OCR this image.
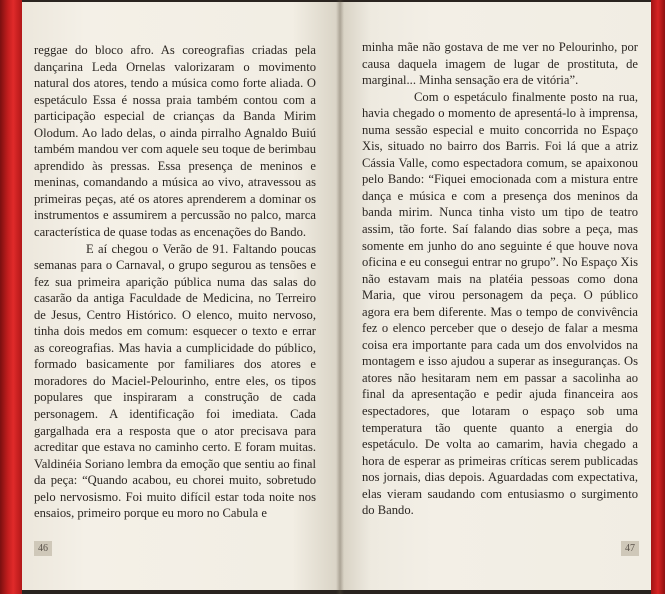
reggae do bloco afro. As coreografias criadas pela dançarina Leda Ornelas valorizaram o movimento natural dos atores, tendo a música como forte aliada. O espetáculo Essa é nossa praia também contou com a participação especial de crianças da Banda Mirim Olodum. Ao lado delas, o ainda pirralho Agnaldo Buiú também mandou ver com aquele seu toque de berimbau aprendido às pressas. Essa presença de meninos e meninas, comandando a música ao vivo, atravessou as primeiras peças, até os atores aprenderem a dominar os instrumentos e assumirem a percussão no palco, marca característica de quase todas as encenações do Bando.

E aí chegou o Verão de 91. Faltando poucas semanas para o Carnaval, o grupo segurou as tensões e fez sua primeira aparição pública numa das salas do casarão da antiga Faculdade de Medicina, no Terreiro de Jesus, Centro Histórico. O elenco, muito nervoso, tinha dois medos em comum: esquecer o texto e errar as coreografias. Mas havia a cumplicidade do público, formado basicamente por familiares dos atores e moradores do Maciel-Pelourinho, entre eles, os tipos populares que inspiraram a construção de cada personagem. A identificação foi imediata. Cada gargalhada era a resposta que o ator precisava para acreditar que estava no caminho certo. E foram muitas. Valdinéia Soriano lembra da emoção que sentiu ao final da peça: “Quando acabou, eu chorei muito, sobretudo pelo nervosismo. Foi muito difícil estar toda noite nos ensaios, primeiro porque eu moro no Cabula e

46

minha mãe não gostava de me ver no Pelourinho, por causa daquela imagem de lugar de prostituta, de marginal... Minha sensação era de vitória”.

Com o espetáculo finalmente posto na rua, havia chegado o momento de apresentá-lo à imprensa, numa sessão especial e muito concorrida no Espaço Xis, situado no bairro dos Barris. Foi lá que a atriz Cássia Valle, como espectadora comum, se apaixonou pelo Bando: “Fiquei emocionada com a mistura entre dança e música e com a presença dos meninos da banda mirim. Nunca tinha visto um tipo de teatro assim, tão forte. Saí falando dias sobre a peça, mas somente em junho do ano seguinte é que houve nova oficina e eu consegui entrar no grupo”. No Espaço Xis não estavam mais na platéia pessoas como dona Maria, que virou personagem da peça. O público agora era bem diferente. Mas o tempo de convivência fez o elenco perceber que o desejo de falar a mesma coisa era importante para cada um dos envolvidos na montagem e isso ajudou a superar as inseguranças. Os atores não hesitaram nem em passar a sacolinha ao final da apresentação e pedir ajuda financeira aos espectadores, que lotaram o espaço sob uma temperatura tão quente quanto a energia do espetáculo. De volta ao camarim, havia chegado a hora de esperar as primeiras críticas serem publicadas nos jornais, dias depois. Aguardadas com expectativa, elas vieram saudando com entusiasmo o surgimento do Bando.

47
